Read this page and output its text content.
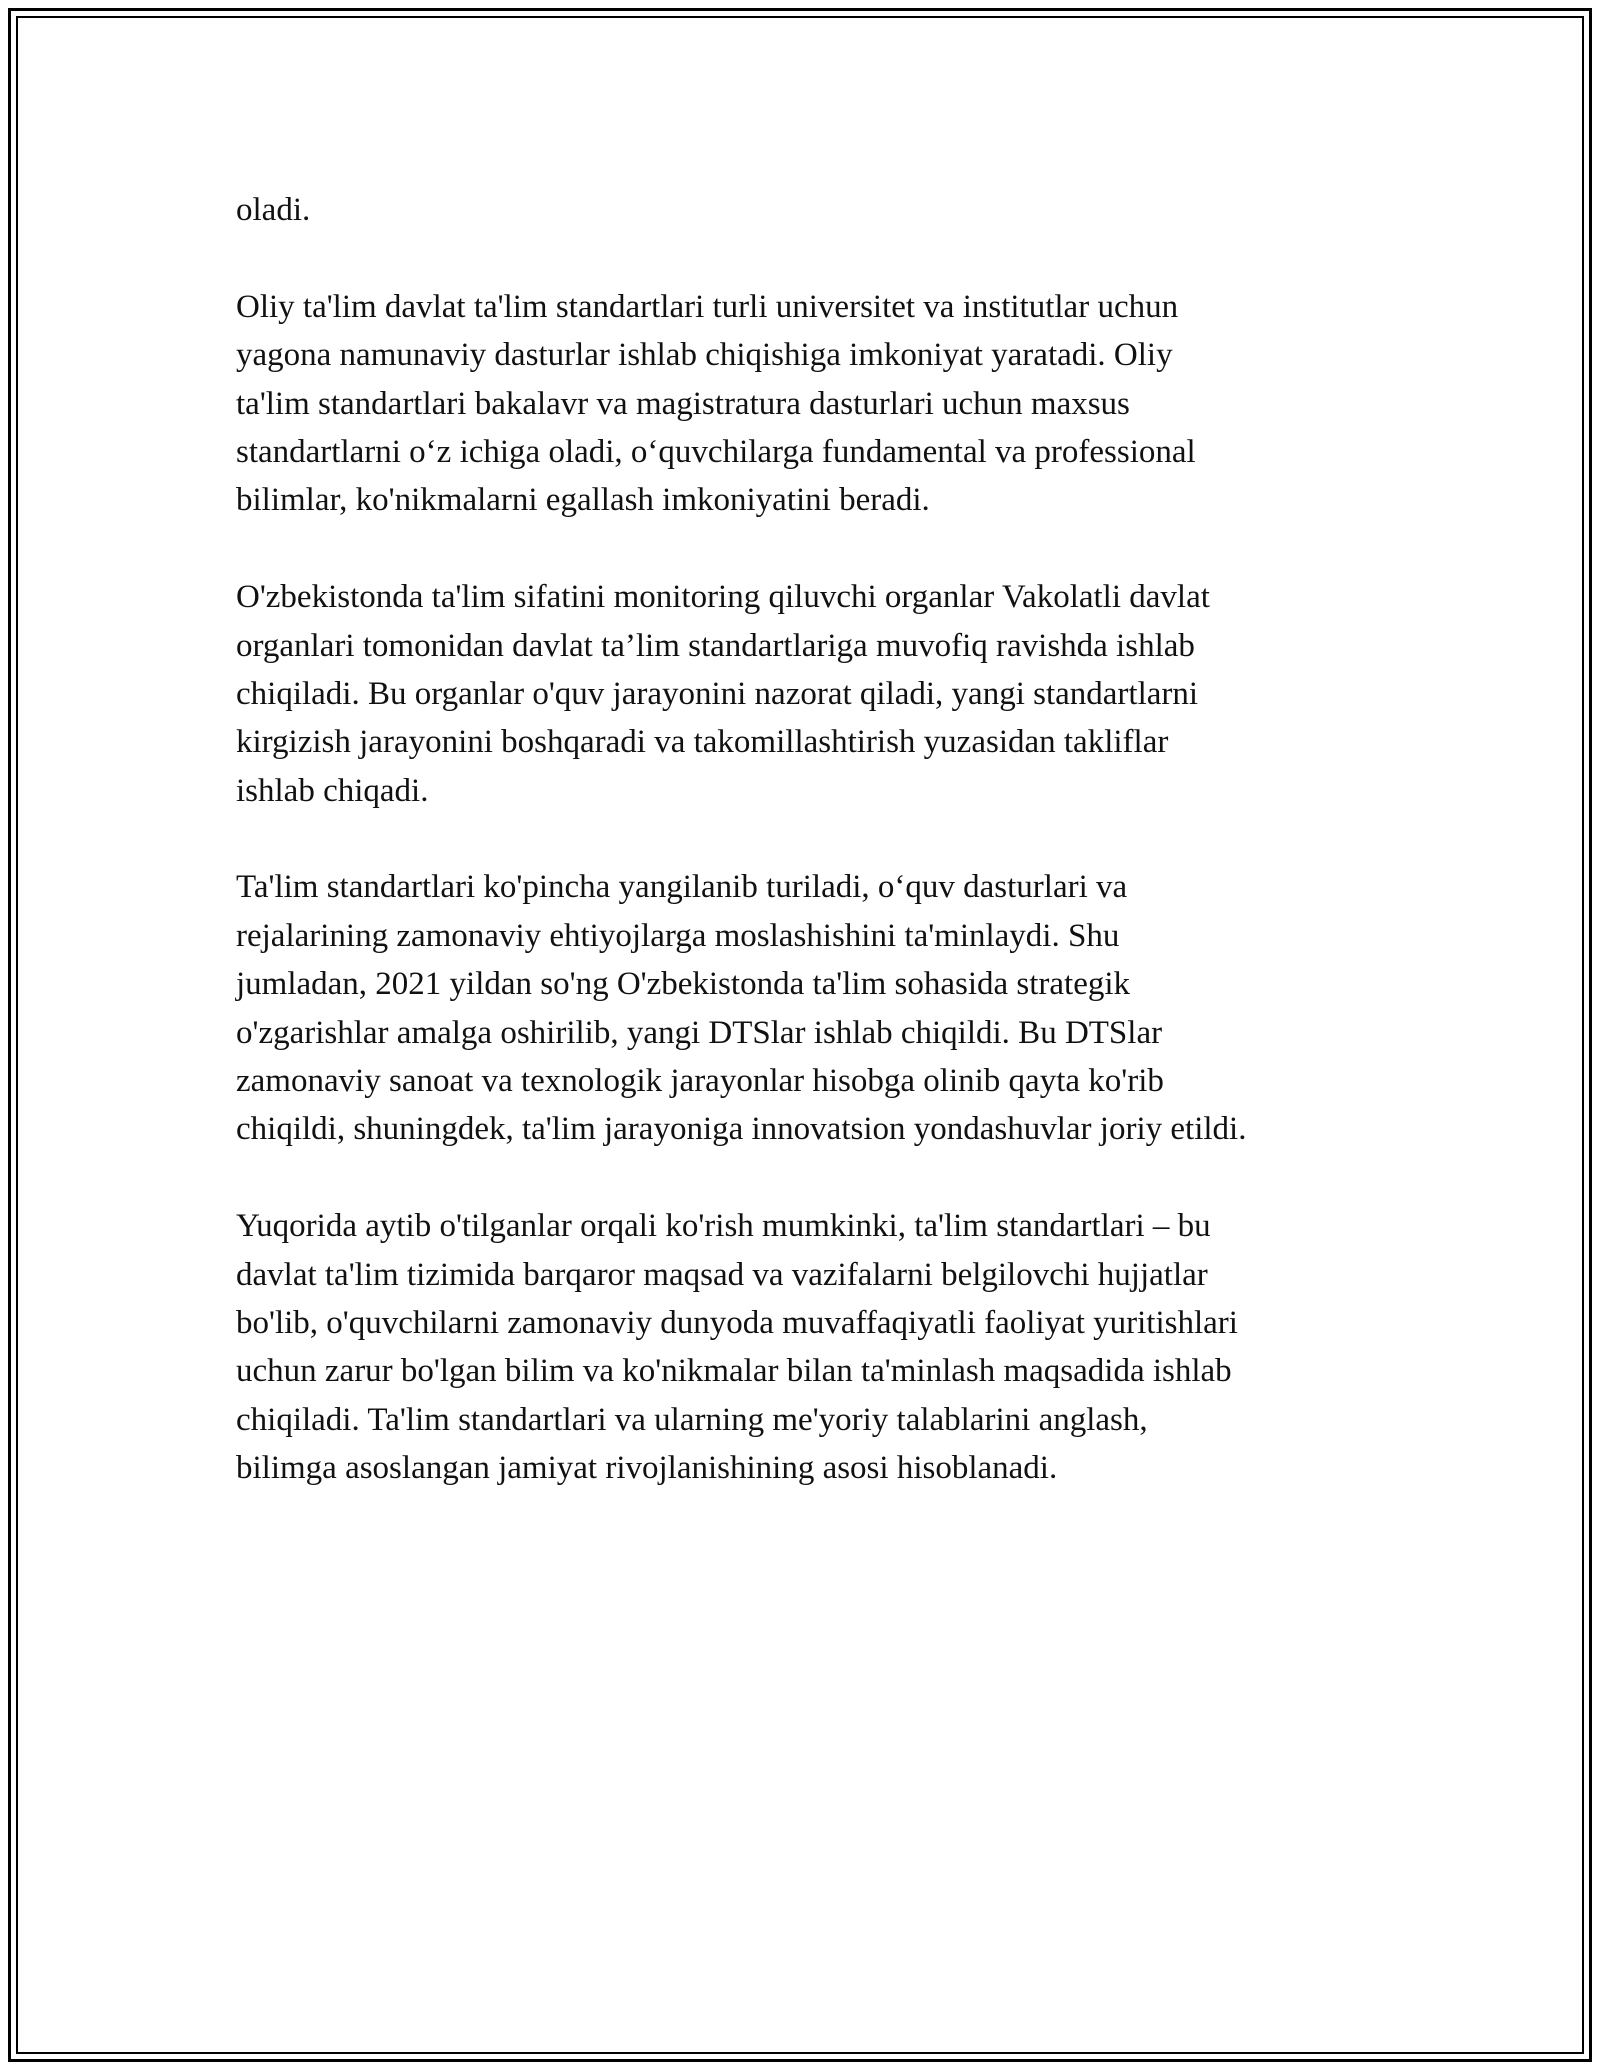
oladi.

Oliy ta'lim davlat ta'lim standartlari turli universitet va institutlar uchun
yagona namunaviy dasturlar ishlab chiqishiga imkoniyat yaratadi. Oliy
ta'lim standartlari bakalavr va magistratura dasturlari uchun maxsus
standartlarni o‘z ichiga oladi, o‘quvchilarga fundamental va professional
bilimlar, ko'nikmalarni egallash imkoniyatini beradi.

O'zbekistonda ta'lim sifatini monitoring qiluvchi organlar Vakolatli davlat
organlari tomonidan davlat ta’lim standartlariga muvofiq ravishda ishlab
chiqiladi. Bu organlar o'quv jarayonini nazorat qiladi, yangi standartlarni
kirgizish jarayonini boshqaradi va takomillashtirish yuzasidan takliflar
ishlab chiqadi.

Ta'lim standartlari ko'pincha yangilanib turiladi, o‘quv dasturlari va
rejalarining zamonaviy ehtiyojlarga moslashishini ta'minlaydi. Shu
jumladan, 2021 yildan so'ng O'zbekistonda ta'lim sohasida strategik
o'zgarishlar amalga oshirilib, yangi DTSlar ishlab chiqildi. Bu DTSlar
zamonaviy sanoat va texnologik jarayonlar hisobga olinib qayta ko'rib
chiqildi, shuningdek, ta'lim jarayoniga innovatsion yondashuvlar joriy etildi.

Yuqorida aytib o'tilganlar orqali ko'rish mumkinki, ta'lim standartlari – bu
davlat ta'lim tizimida barqaror maqsad va vazifalarni belgilovchi hujjatlar
bo'lib, o'quvchilarni zamonaviy dunyoda muvaffaqiyatli faoliyat yuritishlari
uchun zarur bo'lgan bilim va ko'nikmalar bilan ta'minlash maqsadida ishlab
chiqiladi. Ta'lim standartlari va ularning me'yoriy talablarini anglash,
bilimga asoslangan jamiyat rivojlanishining asosi hisoblanadi.
